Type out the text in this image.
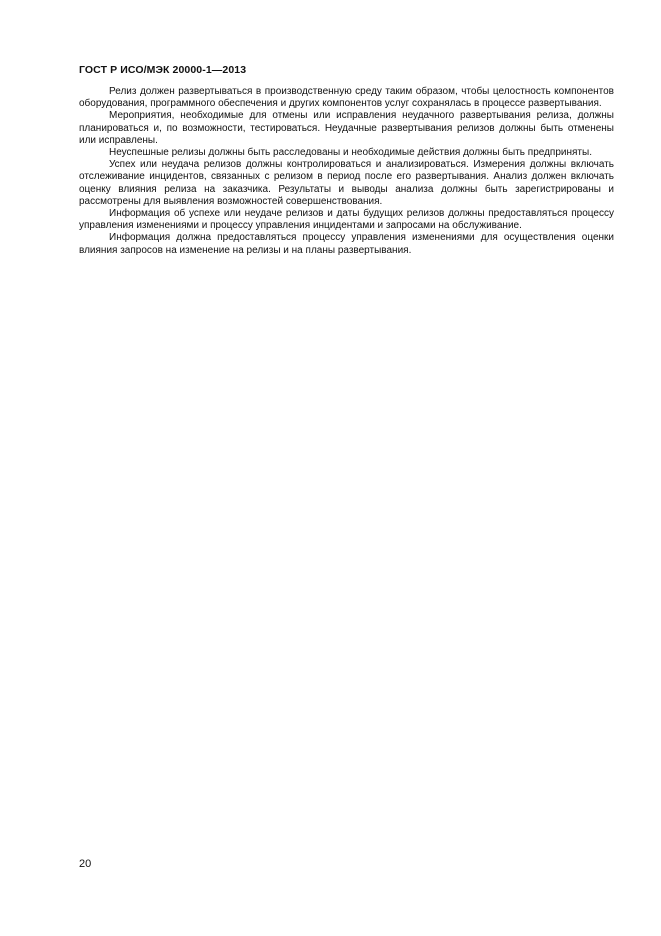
ГОСТ Р ИСО/МЭК 20000-1—2013

Релиз должен развертываться в производственную среду таким образом, чтобы целостность компонентов оборудования, программного обеспечения и других компонентов услуг сохранялась в процессе развертывания.

Мероприятия, необходимые для отмены или исправления неудачного развертывания релиза, должны планироваться и, по возможности, тестироваться. Неудачные развертывания релизов должны быть отменены или исправлены.

Неуспешные релизы должны быть расследованы и необходимые действия должны быть предприняты.

Успех или неудача релизов должны контролироваться и анализироваться. Измерения должны включать отслеживание инцидентов, связанных с релизом в период после его развертывания. Анализ должен включать оценку влияния релиза на заказчика. Результаты и выводы анализа должны быть зарегистрированы и рассмотрены для выявления возможностей совершенствования.

Информация об успехе или неудаче релизов и даты будущих релизов должны предоставляться процессу управления изменениями и процессу управления инцидентами и запросами на обслуживание.

Информация должна предоставляться процессу управления изменениями для осуществления оценки влияния запросов на изменение на релизы и на планы развертывания.

20
